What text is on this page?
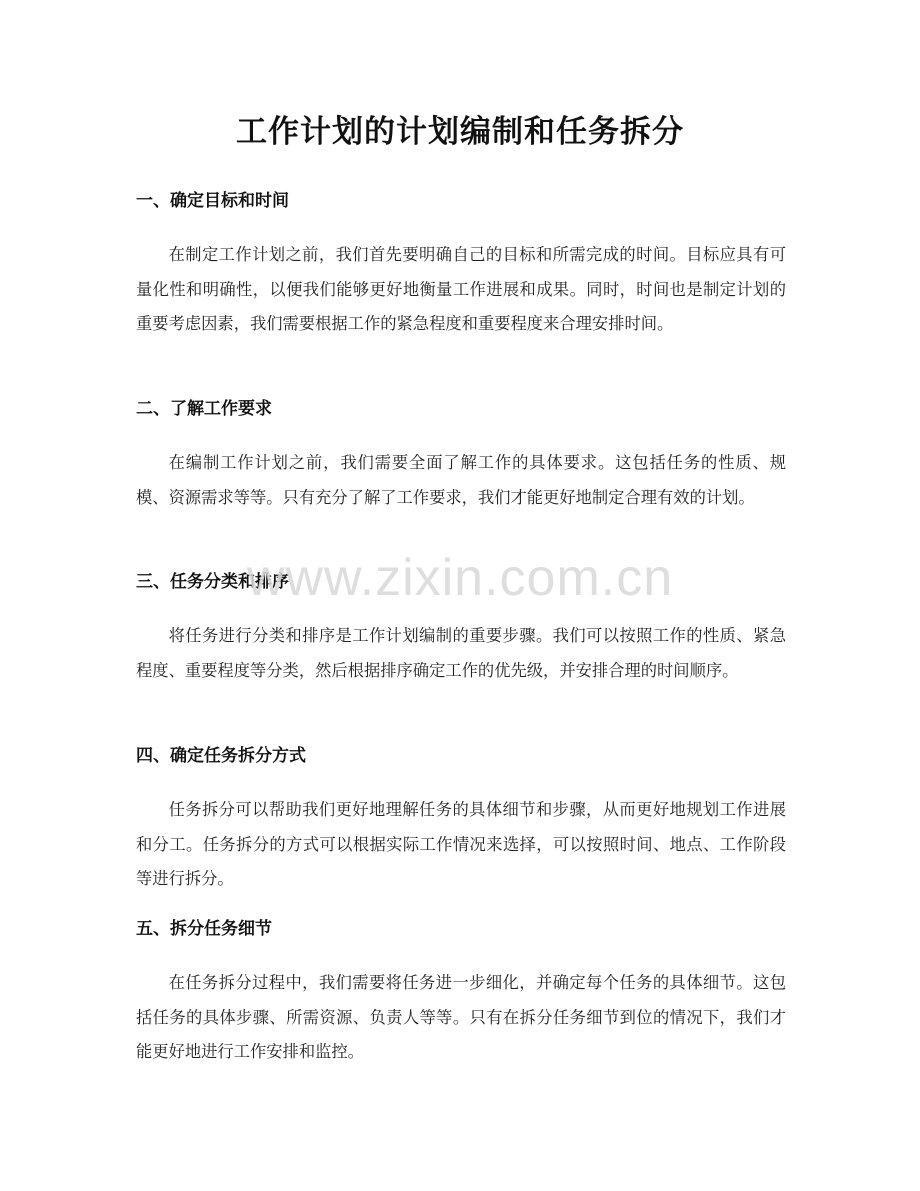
工作计划的计划编制和任务拆分
一、确定目标和时间

在制定工作计划之前，我们首先要明确自己的目标和所需完成的时间。目标应具有可量化性和明确性，以便我们能够更好地衡量工作进展和成果。同时，时间也是制定计划的重要考虑因素，我们需要根据工作的紧急程度和重要程度来合理安排时间。

二、了解工作要求

在编制工作计划之前，我们需要全面了解工作的具体要求。这包括任务的性质、规模、资源需求等等。只有充分了解了工作要求，我们才能更好地制定合理有效的计划。

三、任务分类和排序

将任务进行分类和排序是工作计划编制的重要步骤。我们可以按照工作的性质、紧急程度、重要程度等分类，然后根据排序确定工作的优先级，并安排合理的时间顺序。

四、确定任务拆分方式

任务拆分可以帮助我们更好地理解任务的具体细节和步骤，从而更好地规划工作进展和分工。任务拆分的方式可以根据实际工作情况来选择，可以按照时间、地点、工作阶段等进行拆分。

五、拆分任务细节

在任务拆分过程中，我们需要将任务进一步细化，并确定每个任务的具体细节。这包括任务的具体步骤、所需资源、负责人等等。只有在拆分任务细节到位的情况下，我们才能更好地进行工作安排和监控。

www.zixin.com.cn
